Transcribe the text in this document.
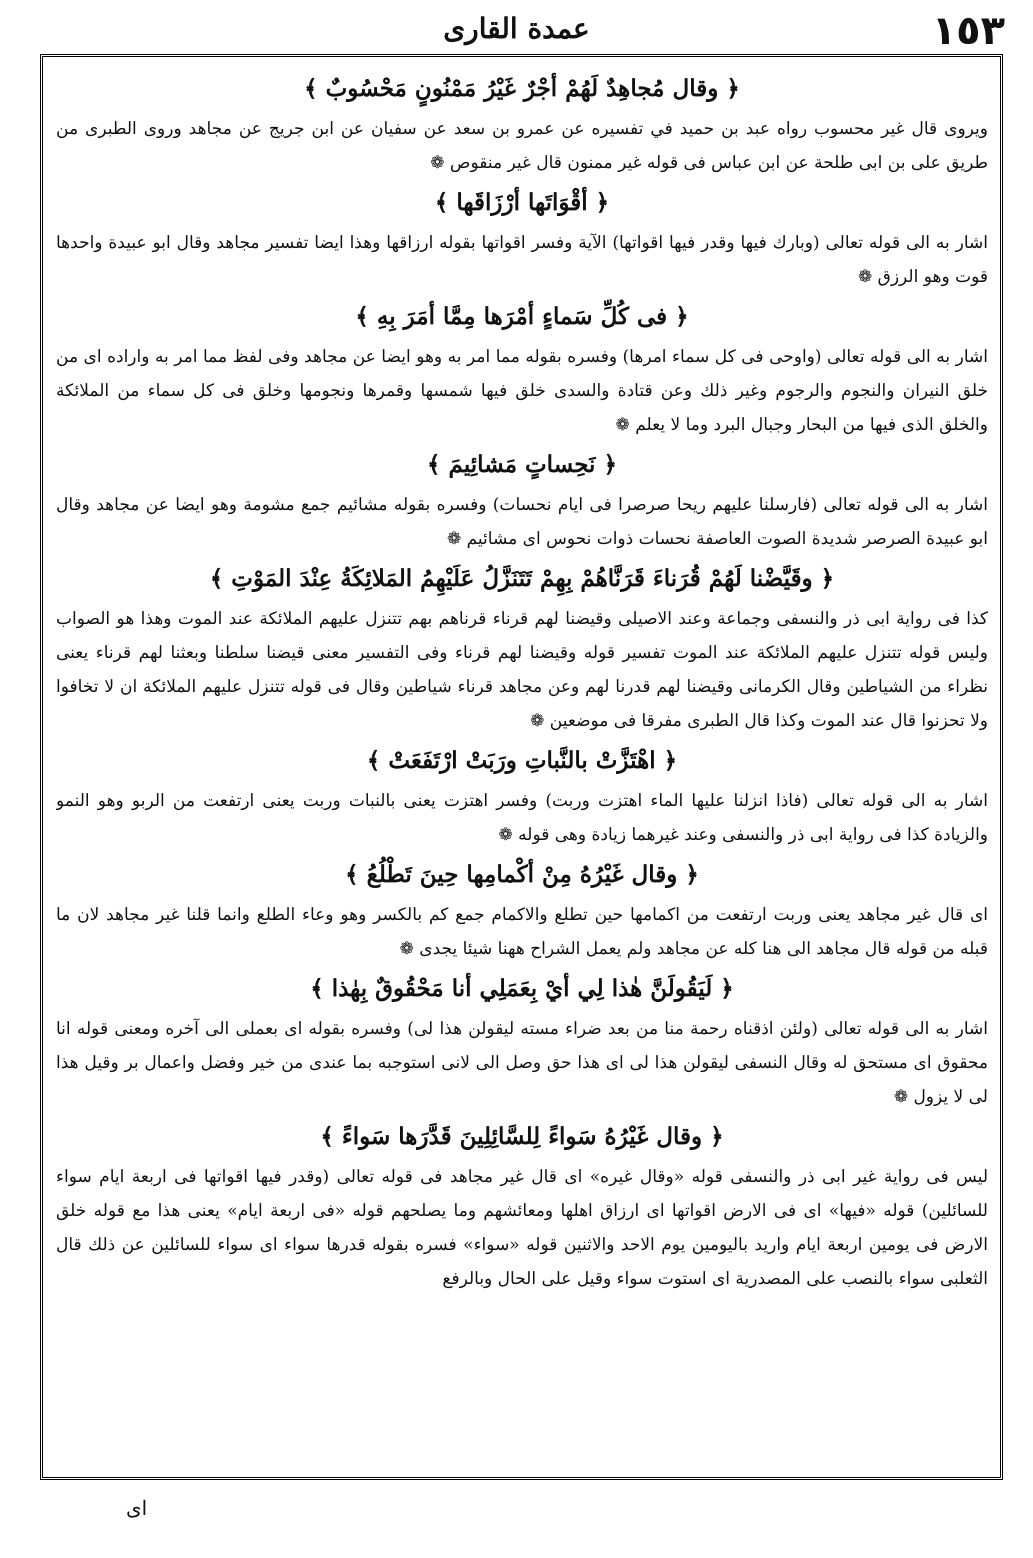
١٥٣
عمدة القارى
﴿ وقال مُجاهِدٌ لَهُمْ أجْرٌ غَيْرُ مَمْنُونٍ مَحْسُوبٌ ﴾

ويروى قال غير محسوب رواه عبد بن حميد في تفسيره عن عمرو بن سعد عن سفيان عن ابن جريج عن مجاهد وروى الطبرى من طريق على بن ابى طلحة عن ابن عباس فى قوله غير ممنون قال غير منقوص ❁

﴿ أقْوَاتَها أرْزَاقَها ﴾

اشار به الى قوله تعالى (وبارك فيها وقدر فيها اقواتها) الآية وفسر اقواتها بقوله ارزاقها وهذا ايضا تفسير مجاهد وقال ابو عبيدة واحدها قوت وهو الرزق ❁

﴿ فى كُلِّ سَماءٍ أمْرَها مِمَّا أمَرَ بِهِ ﴾

اشار به الى قوله تعالى (واوحى فى كل سماء امرها) وفسره بقوله مما امر به وهو ايضا عن مجاهد وفى لفظ مما امر به واراده اى من خلق النيران والنجوم والرجوم وغير ذلك وعن قتادة والسدى خلق فيها شمسها وقمرها ونجومها وخلق فى كل سماء من الملائكة والخلق الذى فيها من البحار وجبال البرد وما لا يعلم ❁

﴿ نَحِساتٍ مَشائِيمَ ﴾

اشار به الى قوله تعالى (فارسلنا عليهم ريحا صرصرا فى ايام نحسات) وفسره بقوله مشائيم جمع مشومة وهو ايضا عن مجاهد وقال ابو عبيدة الصرصر شديدة الصوت العاصفة نحسات ذوات نحوس اى مشائيم ❁

﴿ وقَيَّضْنا لَهُمْ قُرَناءَ قَرَنَّاهُمْ بِهِمْ تَتَنَزَّلُ عَلَيْهِمُ المَلائِكَةُ عِنْدَ المَوْتِ ﴾

كذا فى رواية ابى ذر والنسفى وجماعة وعند الاصيلى وقيضنا لهم قرناء قرناهم بهم تتنزل عليهم الملائكة عند الموت وهذا هو الصواب وليس قوله تتنزل عليهم الملائكة عند الموت تفسير قوله وقيضنا لهم قرناء وفى التفسير معنى قيضنا سلطنا وبعثنا لهم قرناء يعنى نظراء من الشياطين وقال الكرمانى وقيضنا لهم قدرنا لهم وعن مجاهد قرناء شياطين وقال فى قوله تتنزل عليهم الملائكة ان لا تخافوا ولا تحزنوا قال عند الموت وكذا قال الطبرى مفرقا فى موضعين ❁

﴿ اهْتَزَّتْ بالنَّباتِ ورَبَتْ ارْتَفَعَتْ ﴾

اشار به الى قوله تعالى (فاذا انزلنا عليها الماء اهتزت وربت) وفسر اهتزت يعنى بالنبات وربت يعنى ارتفعت من الربو وهو النمو والزيادة كذا فى رواية ابى ذر والنسفى وعند غيرهما زيادة وهى قوله ❁

﴿ وقال غَيْرُهُ مِنْ أكْمامِها حِينَ تَطْلُعُ ﴾

اى قال غير مجاهد يعنى وربت ارتفعت من اكمامها حين تطلع والاكمام جمع كم بالكسر وهو وعاء الطلع وانما قلنا غير مجاهد لان ما قبله من قوله قال مجاهد الى هنا كله عن مجاهد ولم يعمل الشراح ههنا شيئا يجدى ❁

﴿ لَيَقُولَنَّ هٰذا لِي أيْ بِعَمَلِي أنا مَحْقُوقٌ بِهٰذا ﴾

اشار به الى قوله تعالى (ولئن اذقناه رحمة منا من بعد ضراء مسته ليقولن هذا لى) وفسره بقوله اى بعملى الى آخره ومعنى قوله انا محقوق اى مستحق له وقال النسفى ليقولن هذا لى اى هذا حق وصل الى لانى استوجبه بما عندى من خير وفضل واعمال بر وقيل هذا لى لا يزول ❁

﴿ وقال غَيْرُهُ سَواءً لِلسَّائِلِينَ قَدَّرَها سَواءً ﴾

ليس فى رواية غير ابى ذر والنسفى قوله «وقال غيره» اى قال غير مجاهد فى قوله تعالى (وقدر فيها اقواتها فى اربعة ايام سواء للسائلين) قوله «فيها» اى فى الارض اقواتها اى ارزاق اهلها ومعائشهم وما يصلحهم قوله «فى اربعة ايام» يعنى هذا مع قوله خلق الارض فى يومين اربعة ايام واريد باليومين يوم الاحد والاثنين قوله «سواء» فسره بقوله قدرها سواء اى سواء للسائلين عن ذلك قال الثعلبى سواء بالنصب على المصدرية اى استوت سواء وقيل على الحال وبالرفع

اى
